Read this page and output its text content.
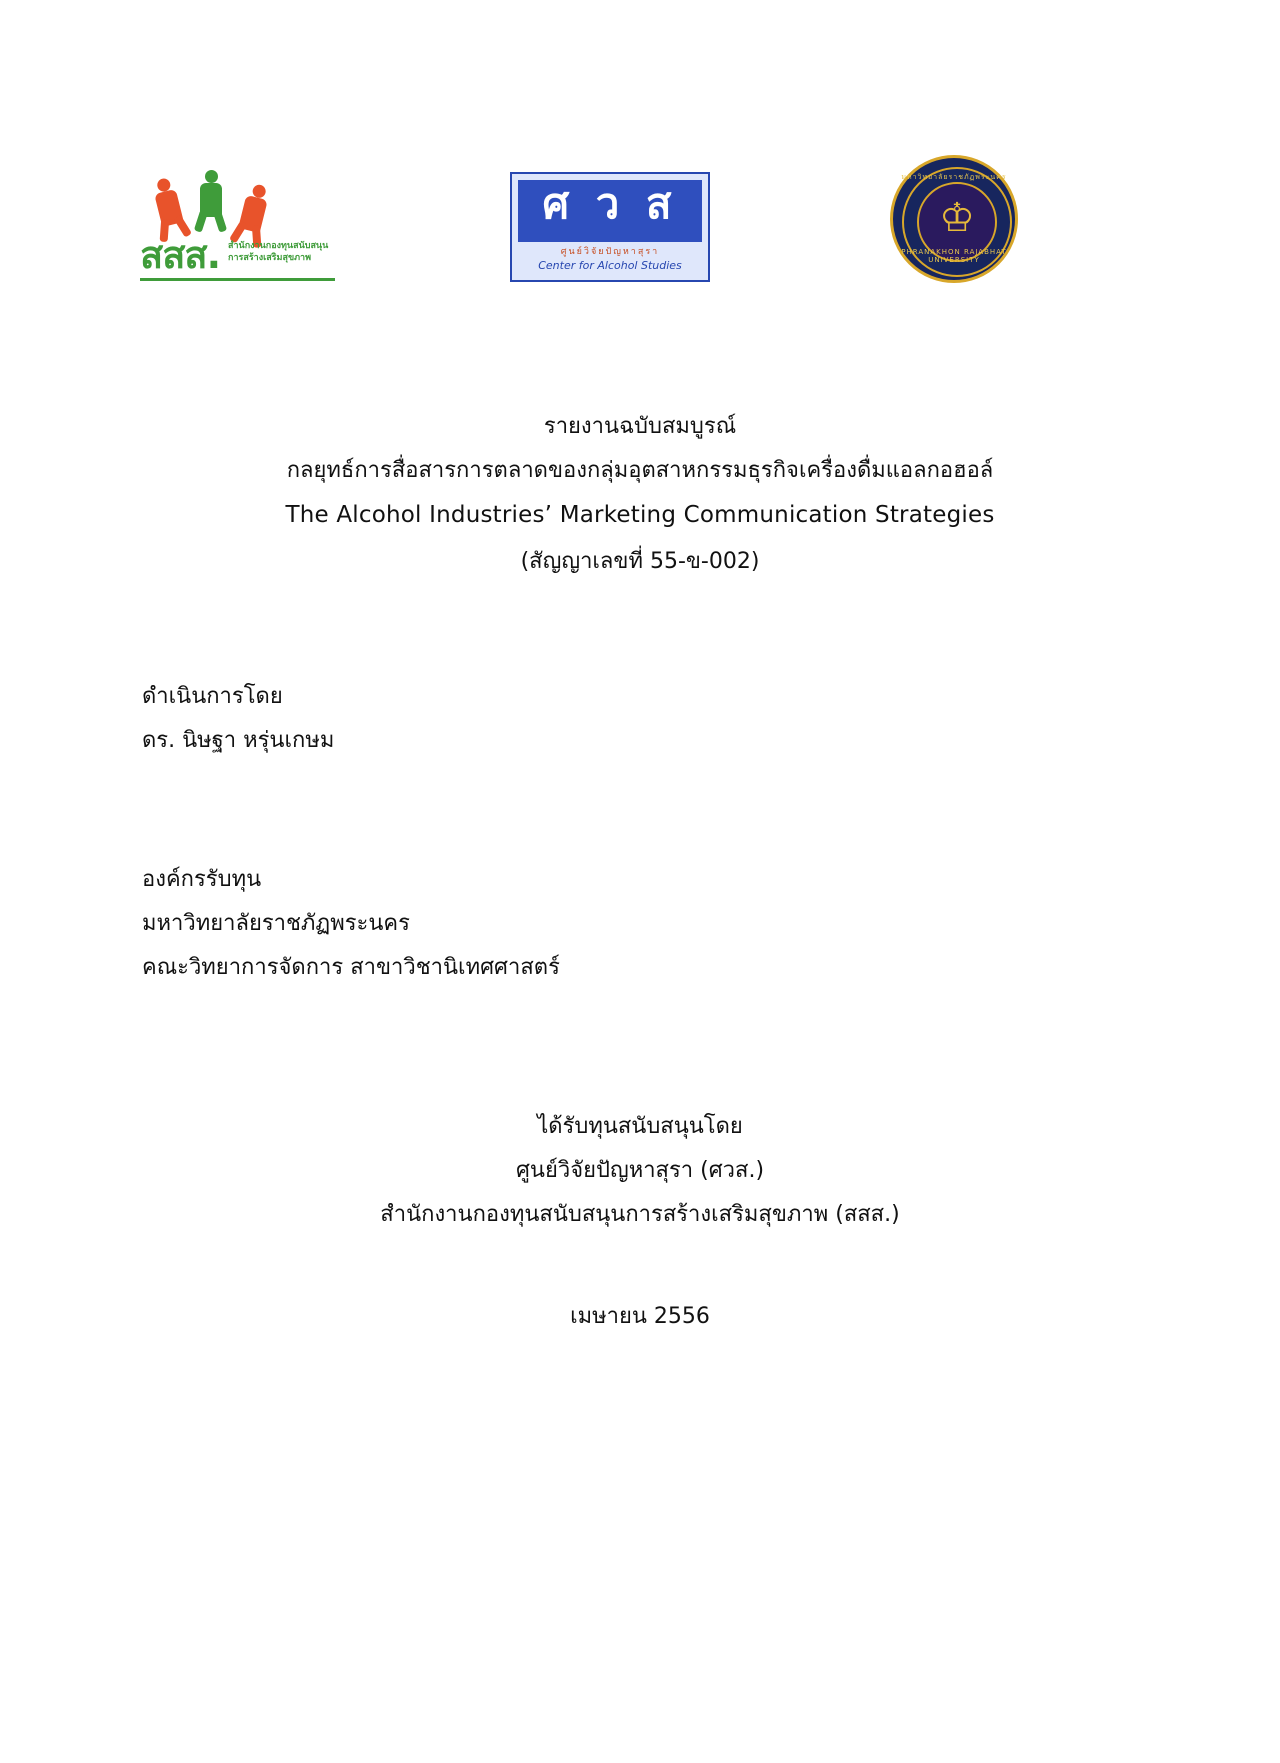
สสส. สำนักงานกองทุนสนับสนุน
การสร้างเสริมสุขภาพ
ศ ว ส
ศูนย์วิจัยปัญหาสุรา
Center for Alcohol Studies
มหาวิทยาลัยราชภัฏพระนคร
♔
PHRANAKHON RAJABHAT UNIVERSITY
รายงานฉบับสมบูรณ์
กลยุทธ์การสื่อสารการตลาดของกลุ่มอุตสาหกรรมธุรกิจเครื่องดื่มแอลกอฮอล์
The Alcohol Industries’ Marketing Communication Strategies
(สัญญาเลขที่ 55-ข-002)
ดำเนินการโดย
ดร. นิษฐา หรุ่นเกษม
องค์กรรับทุน
มหาวิทยาลัยราชภัฏพระนคร
คณะวิทยาการจัดการ สาขาวิชานิเทศศาสตร์
ได้รับทุนสนับสนุนโดย
ศูนย์วิจัยปัญหาสุรา (ศวส.)
สำนักงานกองทุนสนับสนุนการสร้างเสริมสุขภาพ (สสส.)
เมษายน 2556
